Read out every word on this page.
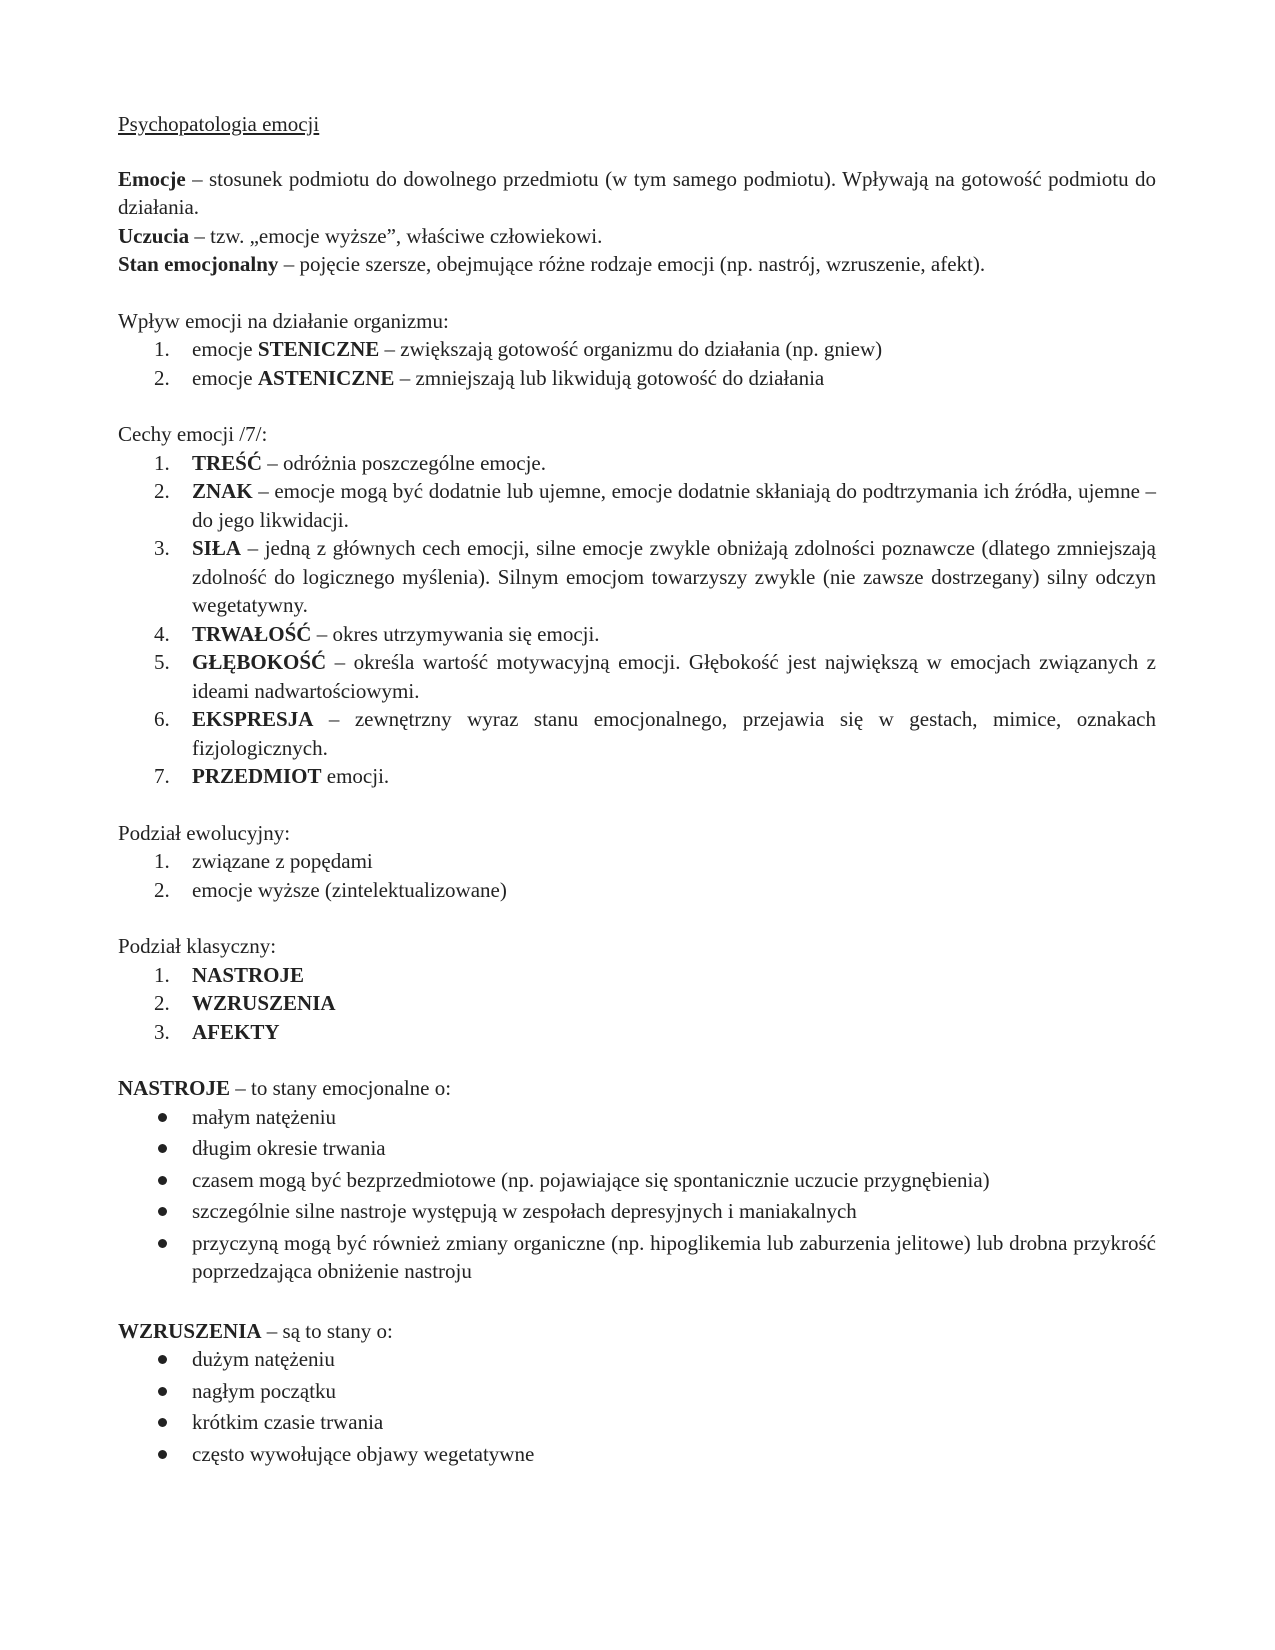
Psychopatologia emocji

Emocje – stosunek podmiotu do dowolnego przedmiotu (w tym samego podmiotu). Wpływają na gotowość podmiotu do działania.

Uczucia – tzw. „emocje wyższe”, właściwe człowiekowi.

Stan emocjonalny – pojęcie szersze, obejmujące różne rodzaje emocji (np. nastrój, wzruszenie, afekt).

Wpływ emocji na działanie organizmu:

1.	emocje STENICZNE – zwiększają gotowość organizmu do działania (np. gniew)
2.	emocje ASTENICZNE – zmniejszają lub likwidują gotowość do działania

Cechy emocji /7/:

1.	TREŚĆ – odróżnia poszczególne emocje.
2.	ZNAK – emocje mogą być dodatnie lub ujemne, emocje dodatnie skłaniają do podtrzymania ich źródła, ujemne – do jego likwidacji.
3.	SIŁA – jedną z głównych cech emocji, silne emocje zwykle obniżają zdolności poznawcze (dlatego zmniejszają zdolność do logicznego myślenia). Silnym emocjom towarzyszy zwykle (nie zawsze dostrzegany) silny odczyn wegetatywny.
4.	TRWAŁOŚĆ – okres utrzymywania się emocji.
5.	GŁĘBOKOŚĆ – określa wartość motywacyjną emocji. Głębokość jest największą w emocjach związanych z ideami nadwartościowymi.
6.	EKSPRESJA – zewnętrzny wyraz stanu emocjonalnego, przejawia się w gestach, mimice, oznakach fizjologicznych.
7.	PRZEDMIOT emocji.

Podział ewolucyjny:

1.	związane z popędami
2.	emocje wyższe (zintelektualizowane)

Podział klasyczny:

1.	NASTROJE
2.	WZRUSZENIA
3.	AFEKTY

NASTROJE – to stany emocjonalne o:

małym natężeniu
długim okresie trwania
czasem mogą być bezprzedmiotowe (np. pojawiające się spontanicznie uczucie przygnębienia)
szczególnie silne nastroje występują w zespołach depresyjnych i maniakalnych
przyczyną mogą być również zmiany organiczne (np. hipoglikemia lub zaburzenia jelitowe) lub drobna przykrość poprzedzająca obniżenie nastroju

WZRUSZENIA – są to stany o:

dużym natężeniu
nagłym początku
krótkim czasie trwania
często wywołujące objawy wegetatywne
